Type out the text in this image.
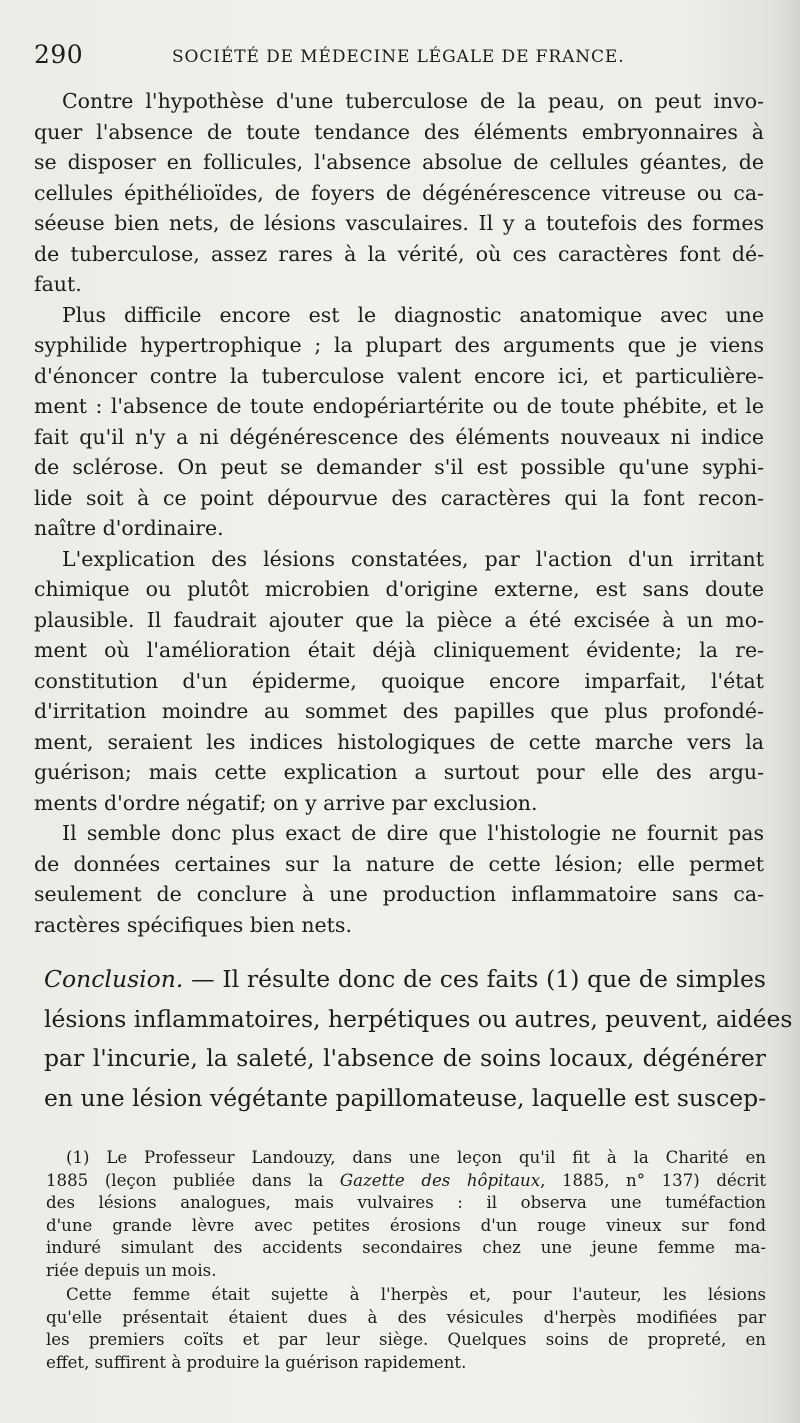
290	SOCIÉTÉ DE MÉDECINE LÉGALE DE FRANCE.
Contre l'hypothèse d'une tuberculose de la peau, on peut invo-
quer l'absence de toute tendance des éléments embryonnaires à
se disposer en follicules, l'absence absolue de cellules géantes, de
cellules épithélioïdes, de foyers de dégénérescence vitreuse ou ca-
séeuse bien nets, de lésions vasculaires. Il y a toutefois des formes
de tuberculose, assez rares à la vérité, où ces caractères font dé-
faut.
Plus difficile encore est le diagnostic anatomique avec une
syphilide hypertrophique ; la plupart des arguments que je viens
d'énoncer contre la tuberculose valent encore ici, et particulière-
ment : l'absence de toute endopériartérite ou de toute phébite, et le
fait qu'il n'y a ni dégénérescence des éléments nouveaux ni indice
de sclérose. On peut se demander s'il est possible qu'une syphi-
lide soit à ce point dépourvue des caractères qui la font recon-
naître d'ordinaire.
L'explication des lésions constatées, par l'action d'un irritant
chimique ou plutôt microbien d'origine externe, est sans doute
plausible. Il faudrait ajouter que la pièce a été excisée à un mo-
ment où l'amélioration était déjà cliniquement évidente; la re-
constitution d'un épiderme, quoique encore imparfait, l'état
d'irritation moindre au sommet des papilles que plus profondé-
ment, seraient les indices histologiques de cette marche vers la
guérison; mais cette explication a surtout pour elle des argu-
ments d'ordre négatif; on y arrive par exclusion.
Il semble donc plus exact de dire que l'histologie ne fournit pas
de données certaines sur la nature de cette lésion; elle permet
seulement de conclure à une production inflammatoire sans ca-
ractères spécifiques bien nets.
Conclusion. — Il résulte donc de ces faits (1) que de simples
lésions inflammatoires, herpétiques ou autres, peuvent, aidées
par l'incurie, la saleté, l'absence de soins locaux, dégénérer
en une lésion végétante papillomateuse, laquelle est suscep-
(1) Le Professeur Landouzy, dans une leçon qu'il fit à la Charité en
1885 (leçon publiée dans la Gazette des hôpitaux, 1885, n° 137) décrit
des lésions analogues, mais vulvaires : il observa une tuméfaction
d'une grande lèvre avec petites érosions d'un rouge vineux sur fond
induré simulant des accidents secondaires chez une jeune femme ma-
riée depuis un mois.
Cette femme était sujette à l'herpès et, pour l'auteur, les lésions
qu'elle présentait étaient dues à des vésicules d'herpès modifiées par
les premiers coïts et par leur siège. Quelques soins de propreté, en
effet, suffirent à produire la guérison rapidement.
